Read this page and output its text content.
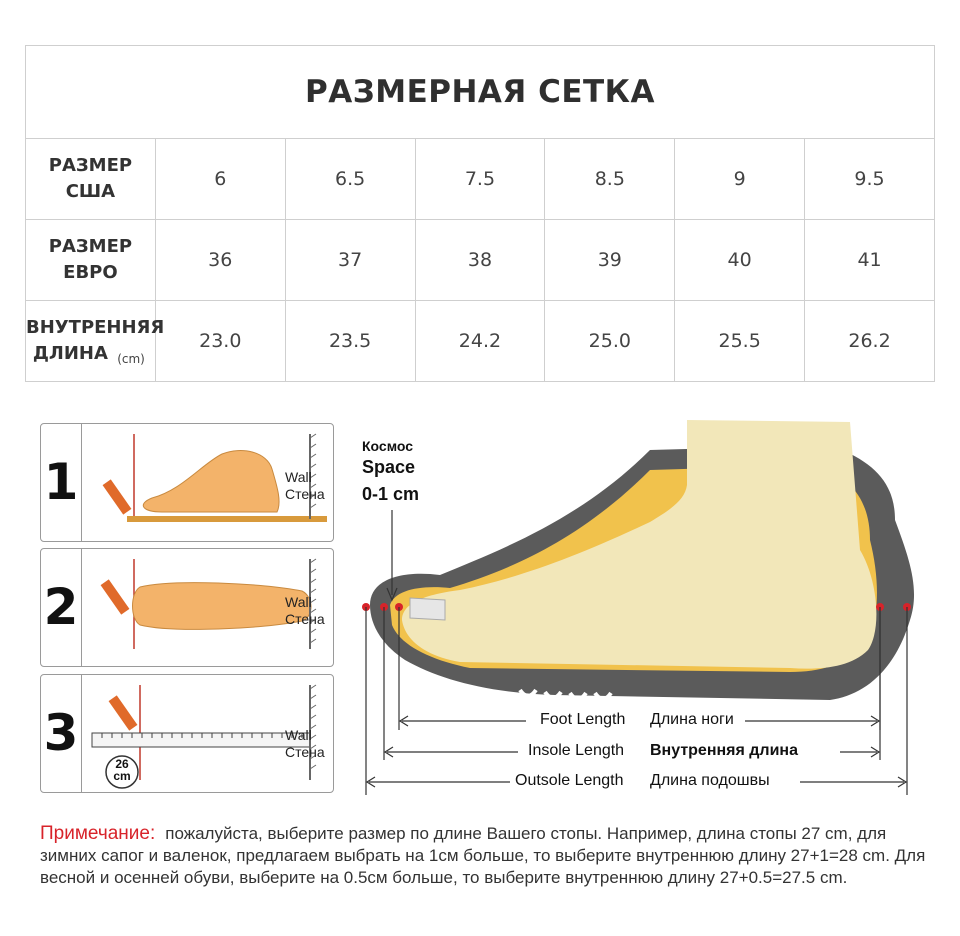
РАЗМЕРНАЯ СЕТКА						
РАЗМЕР США	6	6.5	7.5	8.5	9	9.5
РАЗМЕР ЕВРО	36	37	38	39	40	41

ВНУТРЕННЯЯ
ДЛИНА (cm)	23.0	23.5	24.2	25.0	25.5	26.2
1	Wall
Стена
2	Wall
Стена
3
26
cm
Wall
Стена
Космос
Space
0-1 cm
Foot Length Длина ноги
Insole Length Внутренняя длина
Outsole Length Длина подошвы
Примечание: пожалуйста, выберите размер по длине Вашего стопы. Например, длина стопы 27 cm, для зимних сапог и валенок, предлагаем выбрать на 1см больше, то выберите внутреннюю длину 27+1=28 cm. Для весной и осенней обуви, выберите на 0.5см больше, то выберите внутреннюю длину 27+0.5=27.5 cm.
